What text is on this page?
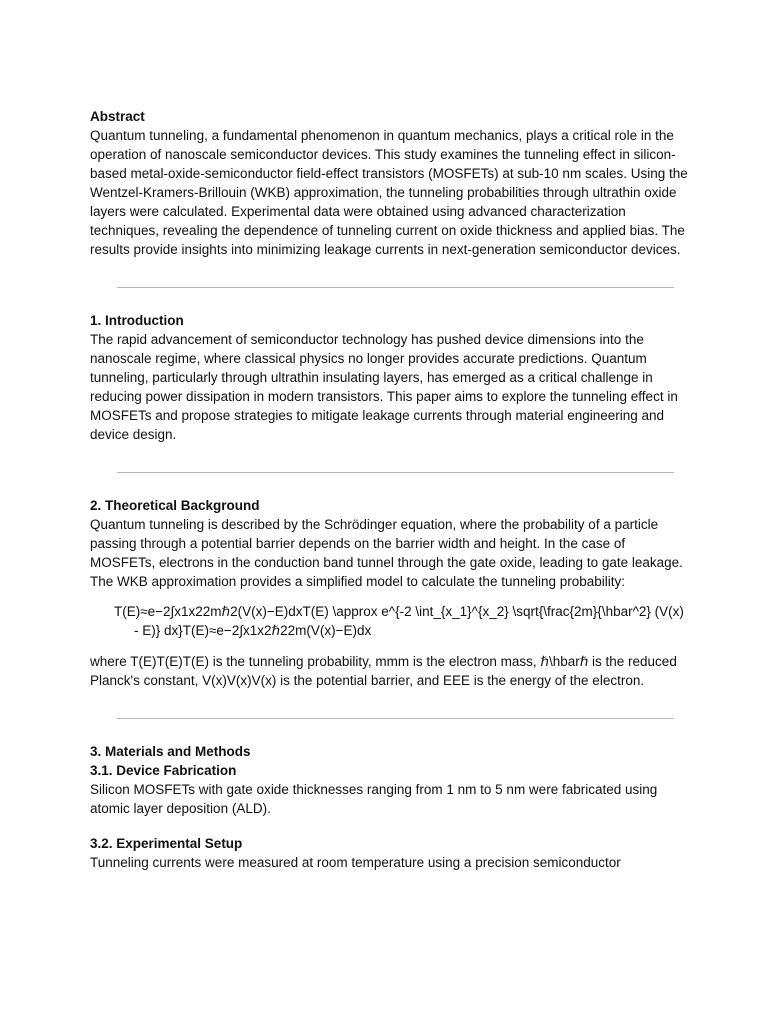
Abstract

Quantum tunneling, a fundamental phenomenon in quantum mechanics, plays a critical role in the operation of nanoscale semiconductor devices. This study examines the tunneling effect in silicon-based metal-oxide-semiconductor field-effect transistors (MOSFETs) at sub-10 nm scales. Using the Wentzel-Kramers-Brillouin (WKB) approximation, the tunneling probabilities through ultrathin oxide layers were calculated. Experimental data were obtained using advanced characterization techniques, revealing the dependence of tunneling current on oxide thickness and applied bias. The results provide insights into minimizing leakage currents in next-generation semiconductor devices.

1. Introduction

The rapid advancement of semiconductor technology has pushed device dimensions into the nanoscale regime, where classical physics no longer provides accurate predictions. Quantum tunneling, particularly through ultrathin insulating layers, has emerged as a critical challenge in reducing power dissipation in modern transistors. This paper aims to explore the tunneling effect in MOSFETs and propose strategies to mitigate leakage currents through material engineering and device design.

2. Theoretical Background

Quantum tunneling is described by the Schrödinger equation, where the probability of a particle passing through a potential barrier depends on the barrier width and height. In the case of MOSFETs, electrons in the conduction band tunnel through the gate oxide, leading to gate leakage. The WKB approximation provides a simplified model to calculate the tunneling probability:

T(E)≈e−2∫x1x22mℏ2(V(x)−E)dxT(E) \approx e^{-2 \int_{x_1}^{x_2} \sqrt{\frac{2m}{\hbar^2} (V(x) - E)} dx}T(E)≈e−2∫x1x2ℏ22m(V(x)−E)dx

where T(E)T(E)T(E) is the tunneling probability, mmm is the electron mass, ℏ\hbarℏ is the reduced Planck's constant, V(x)V(x)V(x) is the potential barrier, and EEE is the energy of the electron.

3. Materials and Methods

3.1. Device Fabrication

Silicon MOSFETs with gate oxide thicknesses ranging from 1 nm to 5 nm were fabricated using atomic layer deposition (ALD).

3.2. Experimental Setup

Tunneling currents were measured at room temperature using a precision semiconductor
